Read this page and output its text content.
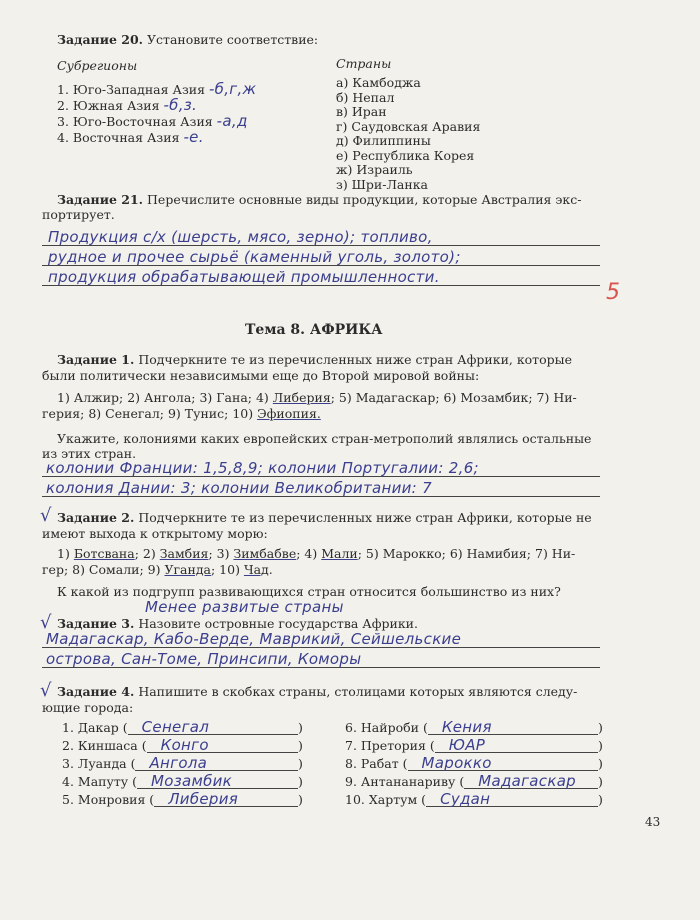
Задание 20. Установите соответствие:
Субрегионы	Страны
1. Юго-Западная Азия -б,г,ж
2. Южная Азия -б,з.
3. Юго-Восточная Азия -а,д
4. Восточная Азия -е.
а) Камбоджа
б) Непал
в) Иран
г) Саудовская Аравия
д) Филиппины
е) Республика Корея
ж) Израиль
з) Шри-Ланка
Задание 21. Перечислите основные виды продукции, которые Австралия экс-
портирует.
Продукция с/х (шерсть, мясо, зерно); топливо,
рудное и прочее сырьё (каменный уголь, золото);
продукция обрабатывающей промышленности.
5
Тема 8. АФРИКА
Задание 1. Подчеркните те из перечисленных ниже стран Африки, которые
были политически независимыми еще до Второй мировой войны:
1) Алжир; 2) Ангола; 3) Гана; 4) Либерия; 5) Мадагаскар; 6) Мозамбик; 7) Ни-
герия; 8) Сенегал; 9) Тунис; 10) Эфиопия.
Укажите, колониями каких европейских стран-метрополий являлись остальные
из этих стран.
колонии Франции: 1,5,8,9; колонии Португалии: 2,6;
колония Дании: 3; колонии Великобритании: 7
√ Задание 2. Подчеркните те из перечисленных ниже стран Африки, которые не
имеют выхода к открытому морю:
1) Ботсвана; 2) Замбия; 3) Зимбабве; 4) Мали; 5) Марокко; 6) Намибия; 7) Ни-
гер; 8) Сомали; 9) Уганда; 10) Чад.
К какой из подгрупп развивающихся стран относится большинство из них?
Менее развитые страны
√ Задание 3. Назовите островные государства Африки.
Мадагаскар, Кабо-Верде, Маврикий, Сейшельские
острова, Сан-Томе, Принсипи, Коморы
√ Задание 4. Напишите в скобках страны, столицами которых являются следу-
ющие города:
1. Дакар ( Сенегал	)
2. Киншаса ( Конго	)
3. Луанда ( Ангола	)
4. Мапуту ( Мозамбик	)
5. Монровия ( Либерия	)
6. Найроби ( Кения	)
7. Претория ( ЮАР	)
8. Рабат ( Марокко	)
9. Антананариву ( Мадагаскар )
10. Хартум ( Судан	)
43
